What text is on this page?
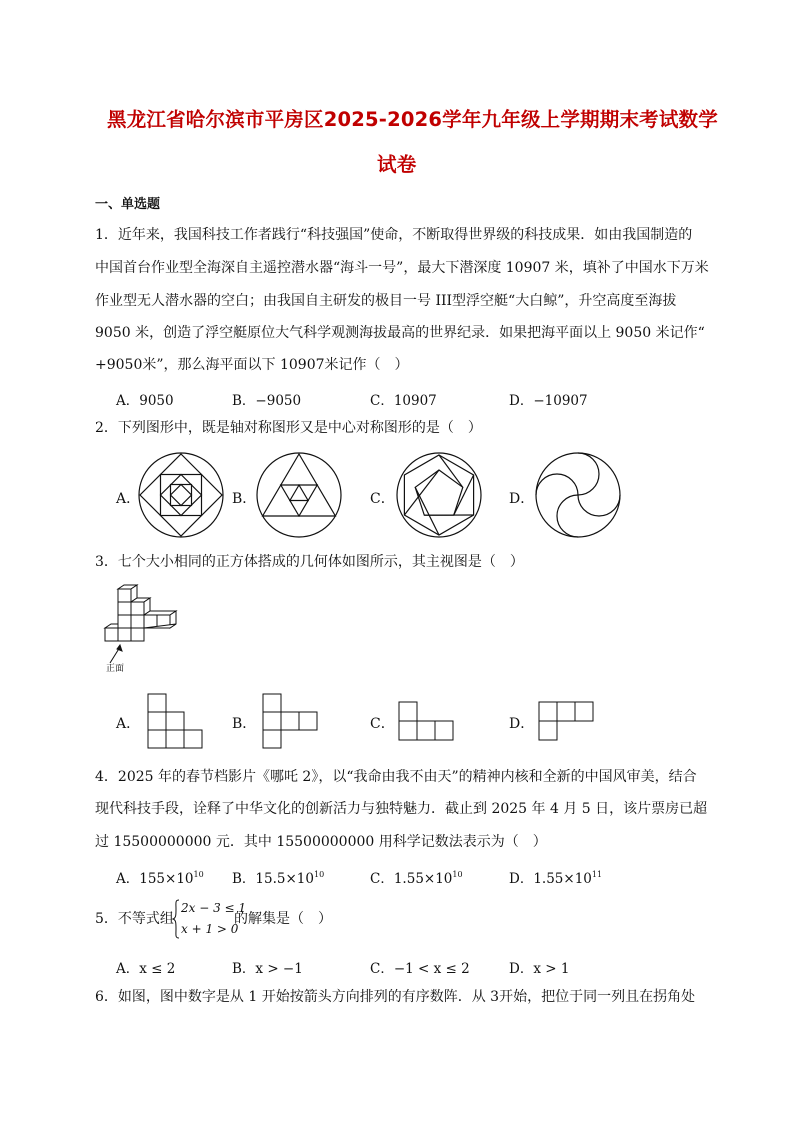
黑龙江省哈尔滨市平房区2025-2026学年九年级上学期期末考试数学
试卷
一、单选题
1．近年来，我国科技工作者践行“科技强国”使命，不断取得世界级的科技成果．如由我国制造的
中国首台作业型全海深自主遥控潜水器“海斗一号”，最大下潜深度 10907 米，填补了中国水下万米
作业型无人潜水器的空白；由我国自主研发的极目一号 III型浮空艇“大白鲸”，升空高度至海拔
9050 米，创造了浮空艇原位大气科学观测海拔最高的世界纪录．如果把海平面以上 9050 米记作“
+9050米”，那么海平面以下 10907米记作（　）
A．9050	B．−9050	C．10907	D．−10907
2．下列图形中，既是轴对称图形又是中心对称图形的是（　）
A．	B．	C．	D．
3．七个大小相同的正方体搭成的几何体如图所示，其主视图是（　）
正面
A．	B．	C．	D．
4．2025 年的春节档影片《哪吒 2》，以“我命由我不由天”的精神内核和全新的中国风审美，结合
现代科技手段，诠释了中华文化的创新活力与独特魅力．截止到 2025 年 4 月 5 日，该片票房已超
过 15500000000 元．其中 15500000000 用科学记数法表示为（　）
A．$155\times 10^{10}$ B．$15.5\times 10^{10}$	C．$1.55\times 10^{10}$	D．$1.55\times 10^{11}$
5．不等式组
2x − 3 ≤ 1
x + 1 > 0
的解集是（　）
A．x ≤ 2	B．x > −1	C．−1 < x ≤ 2	D．x > 1
6．如图，图中数字是从 1 开始按箭头方向排列的有序数阵．从 3开始，把位于同一列且在拐角处
